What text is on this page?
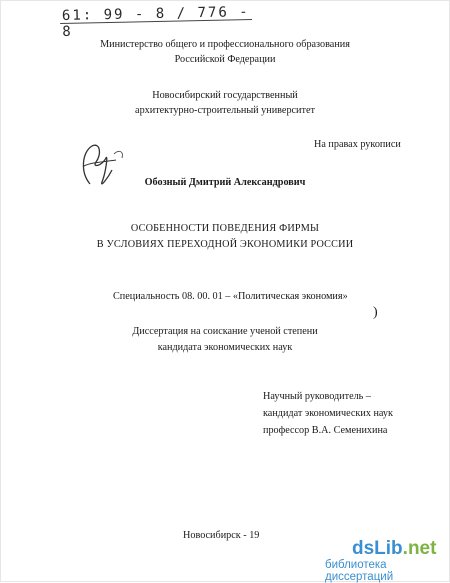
61: 99 - 8 / 776 - 8
Министерство общего и профессионального образования
Российской Федерации
Новосибирский государственный
архитектурно-строительный университет
На правах рукописи
Обозный Дмитрий Александрович
ОСОБЕННОСТИ ПОВЕДЕНИЯ ФИРМЫ
В УСЛОВИЯХ ПЕРЕХОДНОЙ ЭКОНОМИКИ РОССИИ
Специальность 08. 00. 01 – «Политическая экономия»
)
Диссертация на соискание ученой степени
кандидата экономических наук
Научный руководитель –
кандидат экономических наук
профессор В.А. Семенихина
Новосибирск - 19
dsLib.net
библиотека диссертаций
